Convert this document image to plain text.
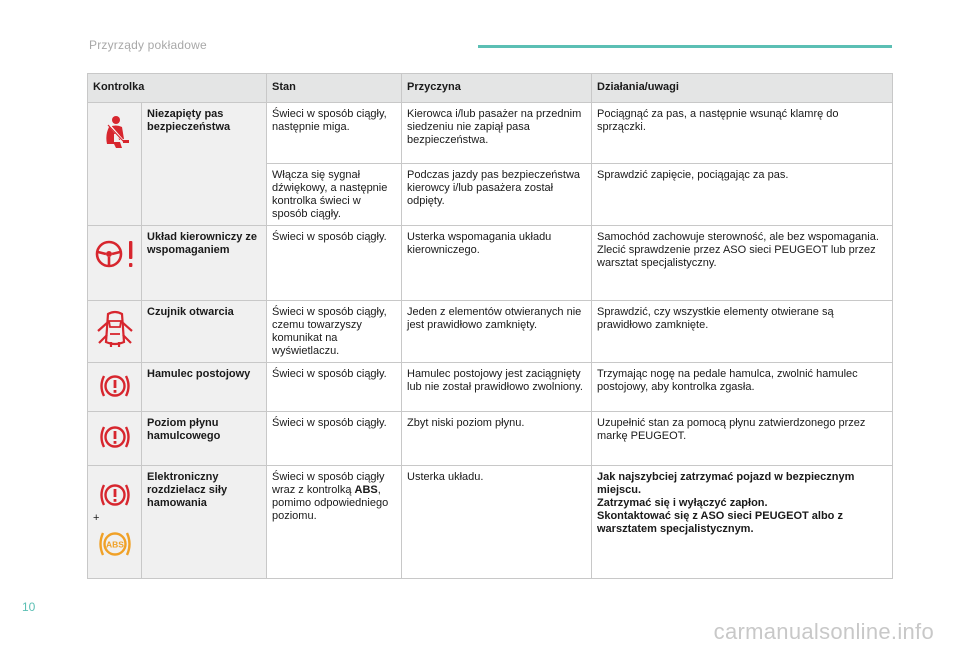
Przyrządy pokładowe
Kontrolka		Stan	Przyczyna	Działania/uwagi

	Niezapięty pas bezpieczeństwa	Świeci w sposób ciągły, następnie miga.	Kierowca i/lub pasażer na przednim siedzeniu nie zapiął pasa bezpieczeństwa.	Pociągnąć za pas, a następnie wsunąć klamrę do sprzączki.
		Włącza się sygnał dźwiękowy, a następnie kontrolka świeci w sposób ciągły.	Podczas jazdy pas bezpieczeństwa kierowcy i/lub pasażera został odpięty.	Sprawdzić zapięcie, pociągając za pas.

	Układ kierowniczy ze wspomaganiem	Świeci w sposób ciągły.	Usterka wspomagania układu kierowniczego.	Samochód zachowuje sterowność, ale bez wspomagania.
Zlecić sprawdzenie przez ASO sieci PEUGEOT lub przez warsztat specjalistyczny.

	Czujnik otwarcia	Świeci w sposób ciągły, czemu towarzyszy komunikat na wyświetlaczu.	Jeden z elementów otwieranych nie jest prawidłowo zamknięty.	Sprawdzić, czy wszystkie elementy otwierane są prawidłowo zamknięte.

	Hamulec postojowy	Świeci w sposób ciągły.	Hamulec postojowy jest zaciągnięty lub nie został prawidłowo zwolniony.	Trzymając nogę na pedale hamulca, zwolnić hamulec postojowy, aby kontrolka zgasła.

	Poziom płynu hamulcowego	Świeci w sposób ciągły.	Zbyt niski poziom płynu.	Uzupełnić stan za pomocą płynu zatwierdzonego przez markę PEUGEOT.

+
ABS	Elektroniczny rozdzielacz siły hamowania	Świeci w sposób ciągły wraz z kontrolką ABS, pomimo odpowiedniego poziomu.	Usterka układu.	Jak najszybciej zatrzymać pojazd w bezpiecznym miejscu.
Zatrzymać się i wyłączyć zapłon.
Skontaktować się z ASO sieci PEUGEOT albo z warsztatem specjalistycznym.
10
carmanualsonline.info
